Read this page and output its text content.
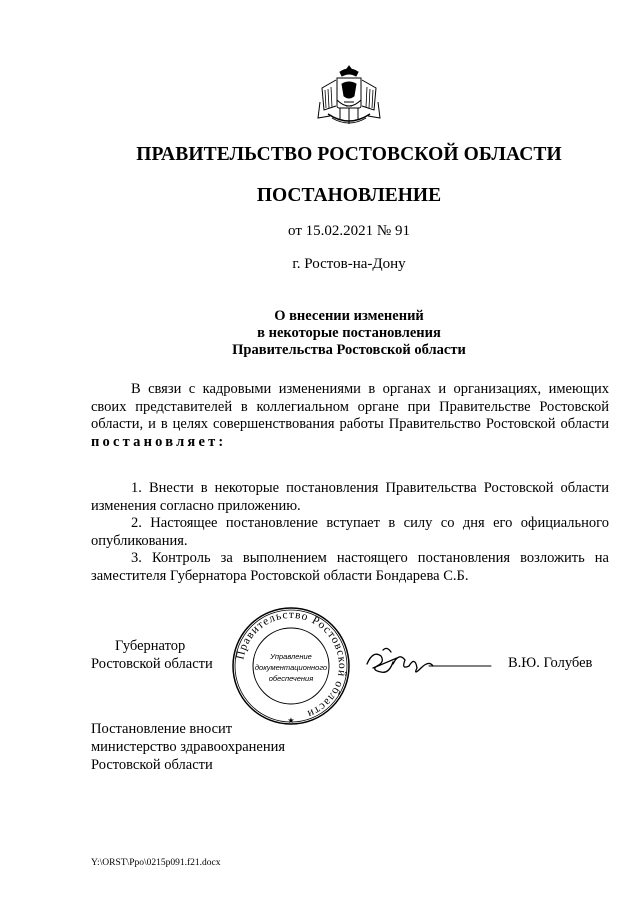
ПРАВИТЕЛЬСТВО РОСТОВСКОЙ ОБЛАСТИ
ПОСТАНОВЛЕНИЕ
от 15.02.2021 № 91
г. Ростов-на-Дону
О внесении изменений
в некоторые постановления
Правительства Ростовской области
В связи с кадровыми изменениями в органах и организациях, имеющих своих представителей в коллегиальном органе при Правительстве Ростовской области, и в целях совершенствования работы Правительство Ростовской области постановляет:
1. Внести в некоторые постановления Правительства Ростовской области изменения согласно приложению.
2. Настоящее постановление вступает в силу со дня его официального опубликования.
3. Контроль за выполнением настоящего постановления возложить на заместителя Губернатора Ростовской области Бондарева С.Б.
Губернатор
Ростовской области
Правительство Ростовской области
Управление
документационного
обеспечения
★
В.Ю. Голубев
Постановление вносит
министерство здравоохранения
Ростовской области
Y:\ORST\Ppo\0215p091.f21.docx
